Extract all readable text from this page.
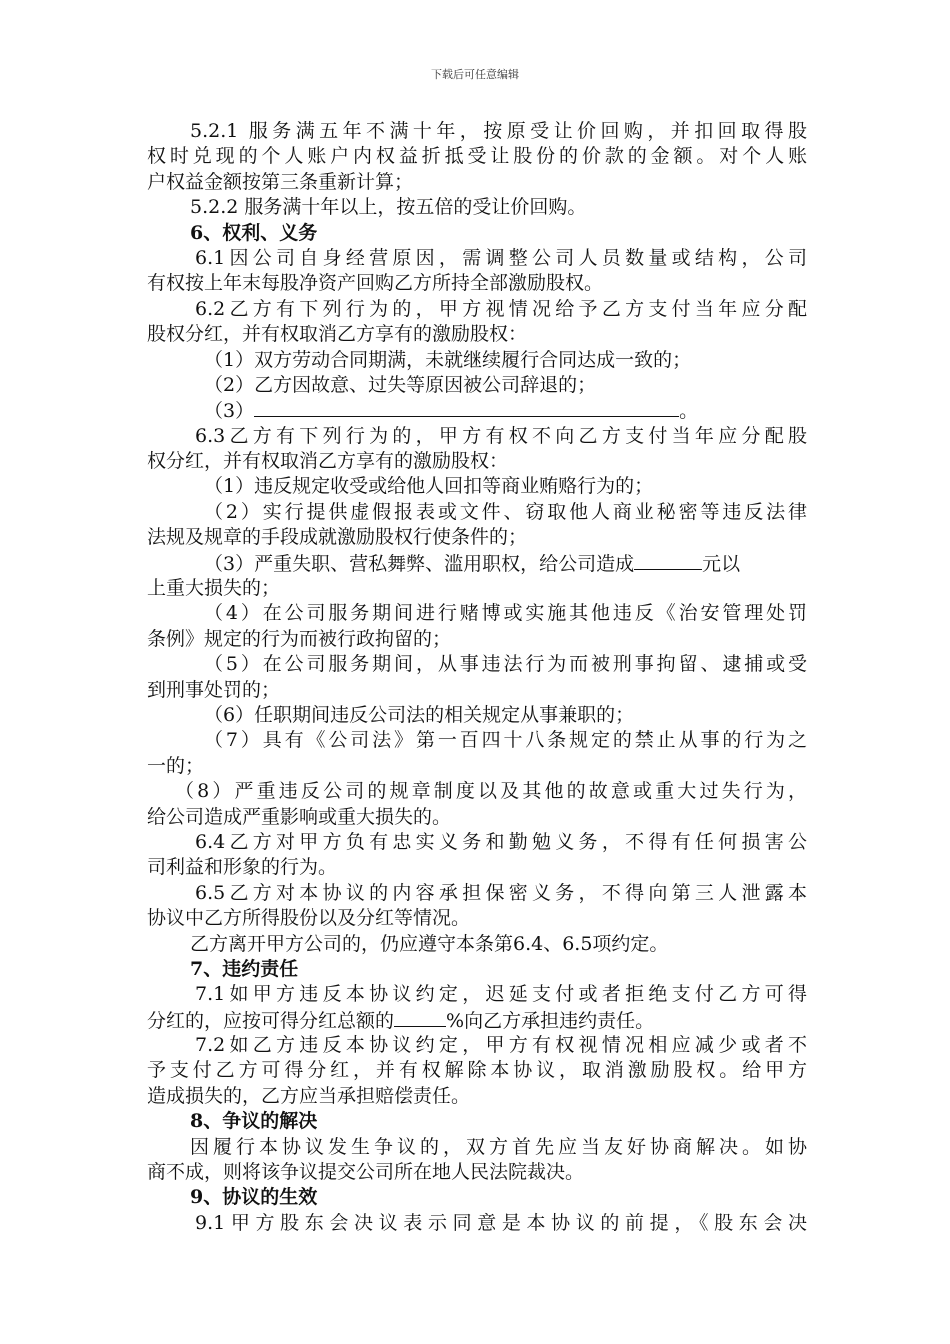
下载后可任意编辑
5.2.1 服务满五年不满十年，按原受让价回购，并扣回取得股
权时兑现的个人账户内权益折抵受让股份的价款的金额。对个人账
户权益金额按第三条重新计算；
5.2.2 服务满十年以上，按五倍的受让价回购。
6、权利、义务
6.1因公司自身经营原因，需调整公司人员数量或结构，公司
有权按上年末每股净资产回购乙方所持全部激励股权。
6.2乙方有下列行为的，甲方视情况给予乙方支付当年应分配
股权分红，并有权取消乙方享有的激励股权：
（1）双方劳动合同期满，未就继续履行合同达成一致的；
（2）乙方因故意、过失等原因被公司辞退的；
（3）	。
6.3乙方有下列行为的，甲方有权不向乙方支付当年应分配股
权分红，并有权取消乙方享有的激励股权：
（1）违反规定收受或给他人回扣等商业贿赂行为的；
（2）实行提供虚假报表或文件、窃取他人商业秘密等违反法律
法规及规章的手段成就激励股权行使条件的；
（3）严重失职、营私舞弊、滥用职权，给公司造成	元以
上重大损失的；
（4）在公司服务期间进行赌博或实施其他违反《治安管理处罚
条例》规定的行为而被行政拘留的；
（5）在公司服务期间，从事违法行为而被刑事拘留、逮捕或受
到刑事处罚的；
（6）任职期间违反公司法的相关规定从事兼职的；
（7）具有《公司法》第一百四十八条规定的禁止从事的行为之
一的；
（8）严重违反公司的规章制度以及其他的故意或重大过失行为，
给公司造成严重影响或重大损失的。
6.4乙方对甲方负有忠实义务和勤勉义务，不得有任何损害公
司利益和形象的行为。
6.5乙方对本协议的内容承担保密义务，不得向第三人泄露本
协议中乙方所得股份以及分红等情况。
乙方离开甲方公司的，仍应遵守本条第6.4、6.5项约定。
7、违约责任
7.1如甲方违反本协议约定，迟延支付或者拒绝支付乙方可得
分红的，应按可得分红总额的	%向乙方承担违约责任。
7.2如乙方违反本协议约定，甲方有权视情况相应减少或者不
予支付乙方可得分红，并有权解除本协议，取消激励股权。给甲方
造成损失的，乙方应当承担赔偿责任。
8、争议的解决
因履行本协议发生争议的，双方首先应当友好协商解决。如协
商不成，则将该争议提交公司所在地人民法院裁决。
9、协议的生效
9.1甲方股东会决议表示同意是本协议的前提，《股东会决
